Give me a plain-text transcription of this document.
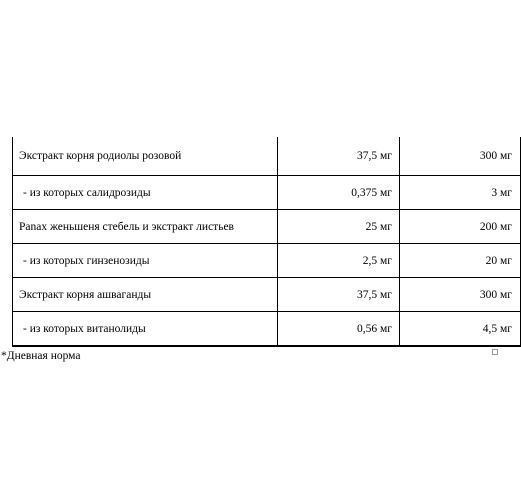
Экстракт корня родиолы розовой	37,5 мг	300 мг
- из которых салидрозиды	0,375 мг	3 мг
Panax женьшеня стебель и экстракт листьев	25 мг	200 мг
- из которых гинзенозиды	2,5 мг	20 мг
Экстракт корня ашваганды	37,5 мг	300 мг
- из которых витанолиды	0,56 мг	4,5 мг
*Дневная норма
